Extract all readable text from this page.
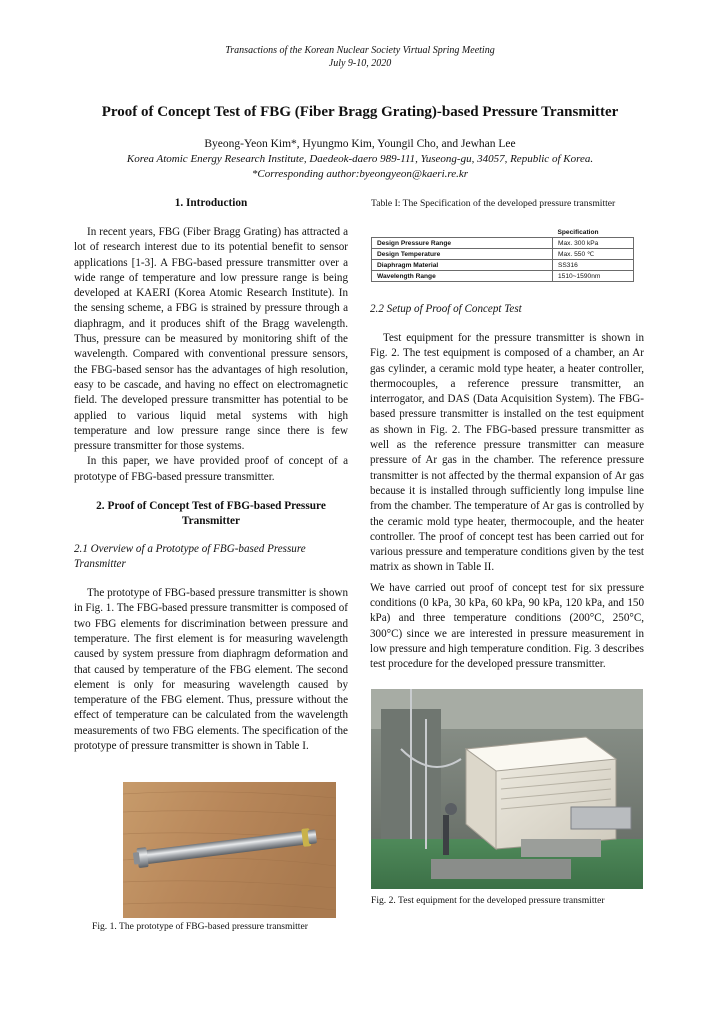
Transactions of the Korean Nuclear Society Virtual Spring Meeting
July 9-10, 2020
Proof of Concept Test of FBG (Fiber Bragg Grating)-based Pressure Transmitter
Byeong-Yeon Kim*, Hyungmo Kim, Youngil Cho, and Jewhan Lee
Korea Atomic Energy Research Institute, Daedeok-daero 989-111, Yuseong-gu, 34057, Republic of Korea.
*Corresponding author:byeongyeon@kaeri.re.kr
1. Introduction

In recent years, FBG (Fiber Bragg Grating) has attracted a lot of research interest due to its potential benefit to sensor applications [1-3]. A FBG-based pressure transmitter over a wide range of temperature and low pressure range is being developed at KAERI (Korea Atomic Research Institute). In the sensing scheme, a FBG is strained by pressure through a diaphragm, and it produces shift of the Bragg wavelength. Thus, pressure can be measured by monitoring shift of the wavelength. Compared with conventional pressure sensors, the FBG-based sensor has the advantages of high resolution, easy to be cascade, and having no effect on electromagnetic field. The developed pressure transmitter has potential to be applied to various liquid metal systems with high temperature and low pressure range since there is few pressure transmitter for those systems.

In this paper, we have provided proof of concept of a prototype of FBG-based pressure transmitter.

2. Proof of Concept Test of FBG-based Pressure Transmitter
2.1 Overview of a Prototype of FBG-based Pressure Transmitter

The prototype of FBG-based pressure transmitter is shown in Fig. 1. The FBG-based pressure transmitter is composed of two FBG elements for discrimination between pressure and temperature. The first element is for measuring wavelength caused by system pressure from diaphragm deformation and that caused by temperature of the FBG element. The second element is only for measuring wavelength caused by temperature of the FBG element. Thus, pressure without the effect of temperature can be calculated from the wavelength measurements of two FBG elements. The specification of the prototype of pressure transmitter is shown in Table I.

Fig. 1. The prototype of FBG-based pressure transmitter
Table I: The Specification of the developed pressure transmitter
	Specification
Design Pressure Range	Max. 300 kPa
Design Temperature	Max. 550 ℃
Diaphragm Material	SS316
Wavelength Range	1510~1590nm
2.2 Setup of Proof of Concept Test

Test equipment for the pressure transmitter is shown in Fig. 2. The test equipment is composed of a chamber, an Ar gas cylinder, a ceramic mold type heater, a heater controller, thermocouples, a reference pressure transmitter, an interrogator, and DAS (Data Acquisition System). The FBG-based pressure transmitter is installed on the test equipment as shown in Fig. 2. The FBG-based pressure transmitter as well as the reference pressure transmitter can measure pressure of Ar gas in the chamber. The reference pressure transmitter is not affected by the thermal expansion of Ar gas because it is installed through sufficiently long impulse line from the chamber. The temperature of Ar gas is controlled by the ceramic mold type heater, thermocouple, and the heater controller. The proof of concept test has been carried out for various pressure and temperature conditions given by the test matrix as shown in Table II.

We have carried out proof of concept test for six pressure conditions (0 kPa, 30 kPa, 60 kPa, 90 kPa, 120 kPa, and 150 kPa) and three temperature conditions (200°C, 250°C, 300°C) since we are interested in pressure measurement in low pressure and high temperature condition. Fig. 3 describes test procedure for the developed pressure transmitter.

Fig. 2. Test equipment for the developed pressure transmitter
